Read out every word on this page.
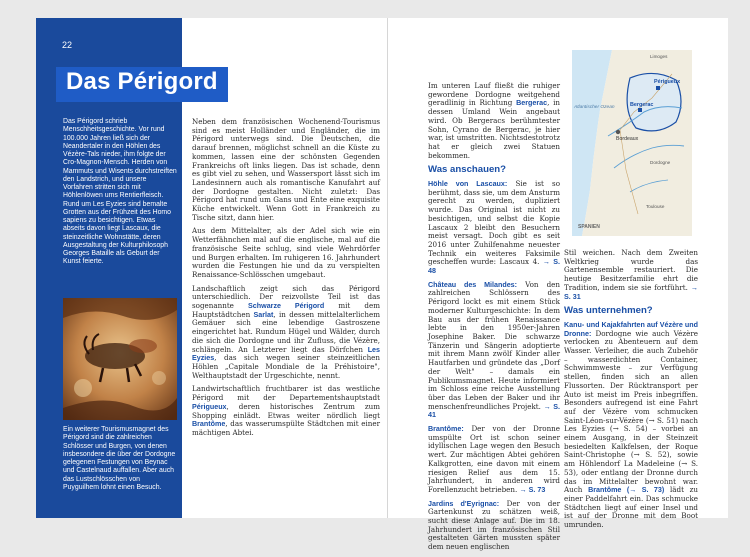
22
Das Périgord
Das Périgord schrieb Menschheitsgeschichte. Vor rund 100.000 Jahren ließ sich der Neandertaler in den Höhlen des Vézère-Tals nieder, ihm folgte der Cro-Magnon-Mensch. Herden von Mammuts und Wisents durchstreiften den Landstrich, und unsere Vorfahren stritten sich mit Höhlenlöwen ums Rentierfleisch. Rund um Les Eyzies sind bemalte Grotten aus der Frühzeit des Homo sapiens zu besichtigen. Etwas abseits davon liegt Lascaux, die steinzeitliche Wohnstätte, deren Ausgestaltung der Kulturphilosoph Georges Bataille als Geburt der Kunst feierte.
Ein weiterer Tourismusmagnet des Périgord sind die zahlreichen Schlösser und Burgen, von denen insbesondere die über der Dordogne gelegenen Festungen von Beynac und Castelnaud auffallen. Aber auch das Lustschlösschen von Puyguilhem lohnt einen Besuch.

Neben dem französischen Wochenend-Tourismus sind es meist Holländer und Engländer, die im Périgord unterwegs sind. Die Deutschen, die darauf brennen, möglichst schnell an die Küste zu kommen, lassen eine der schönsten Gegenden Frankreichs oft links liegen. Das ist schade, denn es gibt viel zu sehen, und Wassersport lässt sich im Landesinnern auch als romantische Kanufahrt auf der Dordogne gestalten. Nicht zuletzt: Das Périgord hat rund um Gans und Ente eine exquisite Küche entwickelt. Wenn Gott in Frankreich zu Tische sitzt, dann hier.

Aus dem Mittelalter, als der Adel sich wie ein Wetterfähnchen mal auf die englische, mal auf die französische Seite schlug, sind viele Wehrdörfer und Burgen erhalten. Im ruhigeren 16. Jahrhundert wurden die Festungen hie und da zu verspielten Renaissance-Schlösschen umgebaut.

Landschaftlich zeigt sich das Périgord unterschiedlich. Der reizvollste Teil ist das sogenannte Schwarze Périgord mit dem Hauptstädtchen Sarlat, in dessen mittelalterlichem Gemäuer sich eine lebendige Gastroszene eingerichtet hat. Rundum Hügel und Wälder, durch die sich die Dordogne und ihr Zufluss, die Vézère, schlängeln. An Letzterer liegt das Dörfchen Les Eyzies, das sich wegen seiner steinzeitlichen Höhlen „Capitale Mondiale de la Préhistoire", Welthauptstadt der Urgeschichte, nennt.

Landwirtschaftlich fruchtbarer ist das westliche Périgord mit der Departementshauptstadt Périgueux, deren historisches Zentrum zum Shopping einlädt. Etwas weiter nördlich liegt Brantôme, das wasserumspülte Städtchen mit einer mächtigen Abtei.

Im unteren Lauf fließt die ruhiger gewordene Dordogne weitgehend geradlinig in Richtung Bergerac, in dessen Umland Wein angebaut wird. Ob Bergeracs berühmtester Sohn, Cyrano de Bergerac, je hier war, ist umstritten. Nichtsdestotrotz hat er gleich zwei Statuen bekommen.

Was anschauen?

Höhle von Lascaux: Sie ist so berühmt, dass sie, um dem Ansturm gerecht zu werden, dupliziert wurde. Das Original ist nicht zu besichtigen, und selbst die Kopie Lascaux 2 bleibt den Besuchern meist versagt. Doch gibt es seit 2016 unter Zuhilfenahme neuester Technik ein weiteres Faksimile gescheffen wurde: Lascaux 4. → S. 48

Château des Milandes: Von den zahlreichen Schlössern des Périgord lockt es mit einem Stück moderner Kulturgeschichte: In dem Bau aus der frühen Renaissance lebte in den 1950er-Jahren Josephine Baker. Die schwarze Tänzerin und Sängerin adoptierte mit ihrem Mann zwölf Kinder aller Hautfarben und gründete das „Dorf der Welt" – damals ein Publikumsmagnet. Heute informiert im Schloss eine reiche Ausstellung über das Leben der Baker und ihr menschenfreundliches Projekt. → S. 41

Brantôme: Der von der Dronne umspülte Ort ist schon seiner idyllischen Lage wegen den Besuch wert. Zur mächtigen Abtei gehören Kalkgrotten, eine davon mit einem riesigen Relief aus dem 15. Jahrhundert, in anderen wird Forellenzucht betrieben. → S. 73

Jardins d'Eyrignac: Der von der Gartenkunst zu schätzen weiß, sucht diese Anlage auf. Die im 18. Jahrhundert im französischen Stil gestalteten Gärten mussten später dem neuen englischen

Périgueux
Bergerac
Bordeaux
Atlantischer Ozean
Limoges
Dordogne
Toulouse
SPANIEN

Stil weichen. Nach dem Zweiten Weltkrieg wurde das Gartenensemble restauriert. Die heutige Besitzerfamilie ehrt die Tradition, indem sie sie fortführt. → S. 31

Was unternehmen?

Kanu- und Kajakfahrten auf Vézère und Dronne: Dordogne wie auch Vézère verlocken zu Abenteuern auf dem Wasser. Verleiher, die auch Zubehör – wasserdichten Container, Schwimmweste – zur Verfügung stellen, finden sich an allen Flussorten. Der Rücktransport per Auto ist meist im Preis inbegriffen. Besonders aufregend ist eine Fahrt auf der Vézère vom schmucken Saint-Léon-sur-Vézère (→ S. 51) nach Les Eyzies (→ S. 54) – vorbei an einem Ausgang, in der Steinzeit besiedelten Kalkfelsen, der Roque Saint-Christophe (→ S. 52), sowie am Höhlendorf La Madeleine (→ S. 53), oder entlang der Dronne durch das im Mittelalter bewohnt war. Auch Brantôme (→ S. 73) lädt zu einer Paddelfahrt ein. Das schmucke Städtchen liegt auf einer Insel und ist auf der Dronne mit dem Boot umrunden.
